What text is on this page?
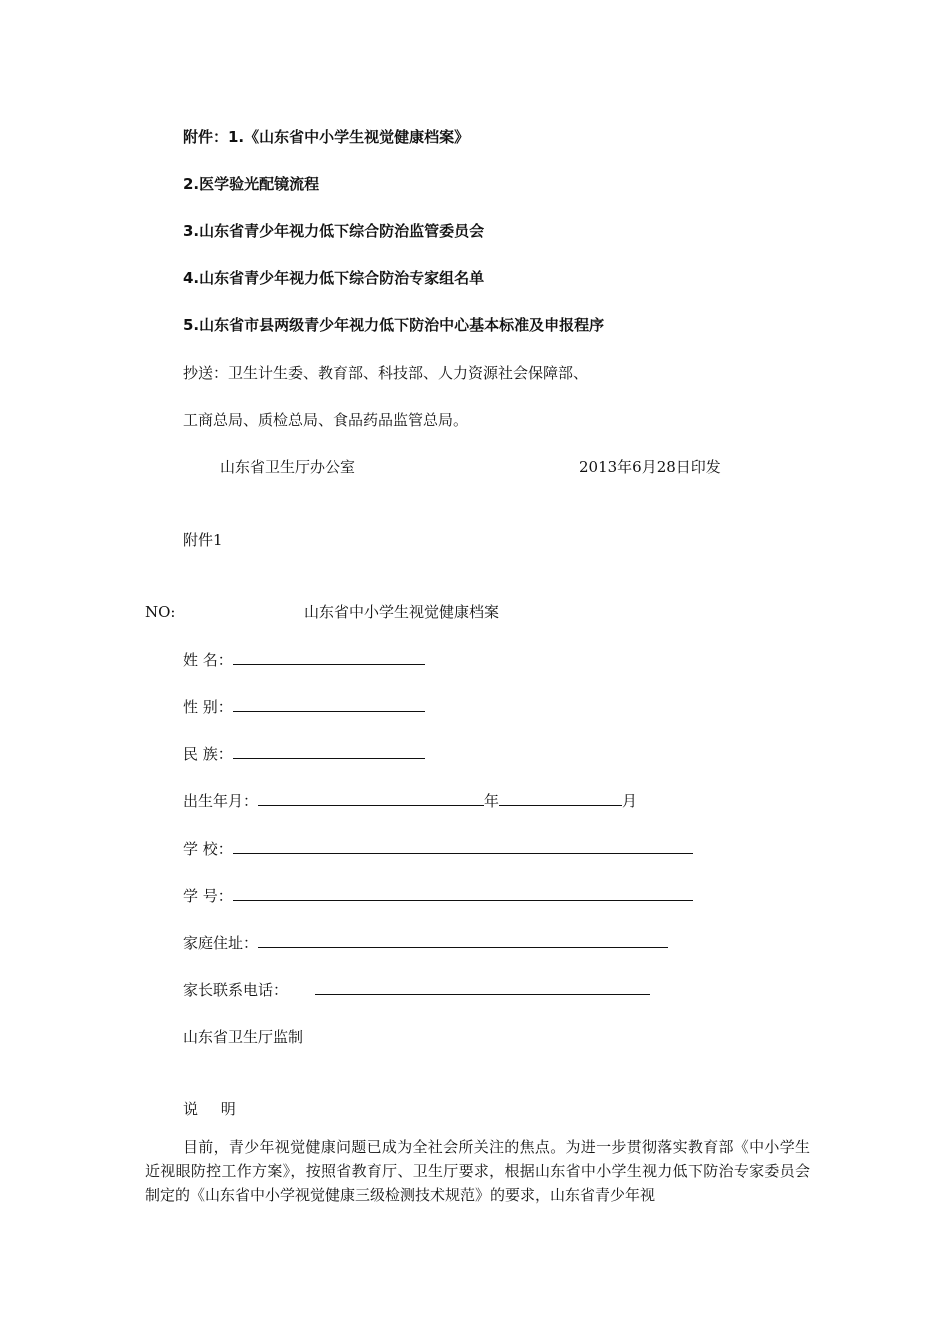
附件：1.《山东省中小学生视觉健康档案》
2.医学验光配镜流程
3.山东省青少年视力低下综合防治监管委员会
4.山东省青少年视力低下综合防治专家组名单
5.山东省市县两级青少年视力低下防治中心基本标准及申报程序
抄送：卫生计生委、教育部、科技部、人力资源社会保障部、
工商总局、质检总局、食品药品监管总局。
山东省卫生厅办公室	2013年6月28日印发
附件1
NO:	山东省中小学生视觉健康档案
姓 名：
性 别：
民 族：
出生年月：	年	月
学 校：
学 号：
家庭住址：
家长联系电话：
山东省卫生厅监制
说 明
目前，青少年视觉健康问题已成为全社会所关注的焦点。为进一步贯彻落实教育部《中小学生近视眼防控工作方案》，按照省教育厅、卫生厅要求，根据山东省中小学生视力低下防治专家委员会制定的《山东省中小学视觉健康三级检测技术规范》的要求，山东省青少年视
